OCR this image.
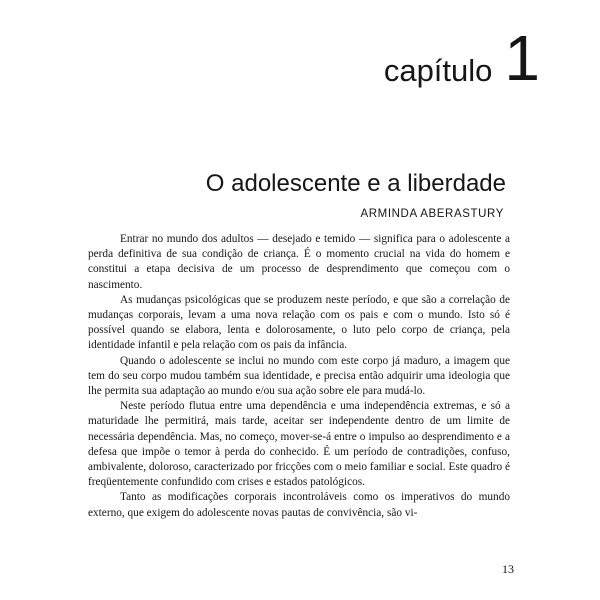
capítulo 1
O adolescente e a liberdade
ARMINDA ABERASTURY

Entrar no mundo dos adultos — desejado e temido — significa para o adolescente a perda definitiva de sua condição de criança. É o momento crucial na vida do homem e constitui a etapa decisiva de um processo de desprendimento que começou com o nascimento.

As mudanças psicológicas que se produzem neste período, e que são a correlação de mudanças corporais, levam a uma nova relação com os pais e com o mundo. Isto só é possível quando se elabora, lenta e dolorosamente, o luto pelo corpo de criança, pela identidade infantil e pela relação com os pais da infância.

Quando o adolescente se inclui no mundo com este corpo já maduro, a imagem que tem do seu corpo mudou também sua identidade, e precisa então adquirir uma ideologia que lhe permita sua adaptação ao mundo e/ou sua ação sobre ele para mudá-lo.

Neste período flutua entre uma dependência e uma independência extremas, e só a maturidade lhe permitirá, mais tarde, aceitar ser independente dentro de um limite de necessária dependência. Mas, no começo, mover-se-á entre o impulso ao desprendimento e a defesa que impõe o temor à perda do conhecido. É um período de contradições, confuso, ambivalente, doloroso, caracterizado por fricções com o meio familiar e social. Este quadro é freqüentemente confundido com crises e estados patológicos.

Tanto as modificações corporais incontroláveis como os imperativos do mundo externo, que exigem do adolescente novas pautas de convivência, são vi-

13
